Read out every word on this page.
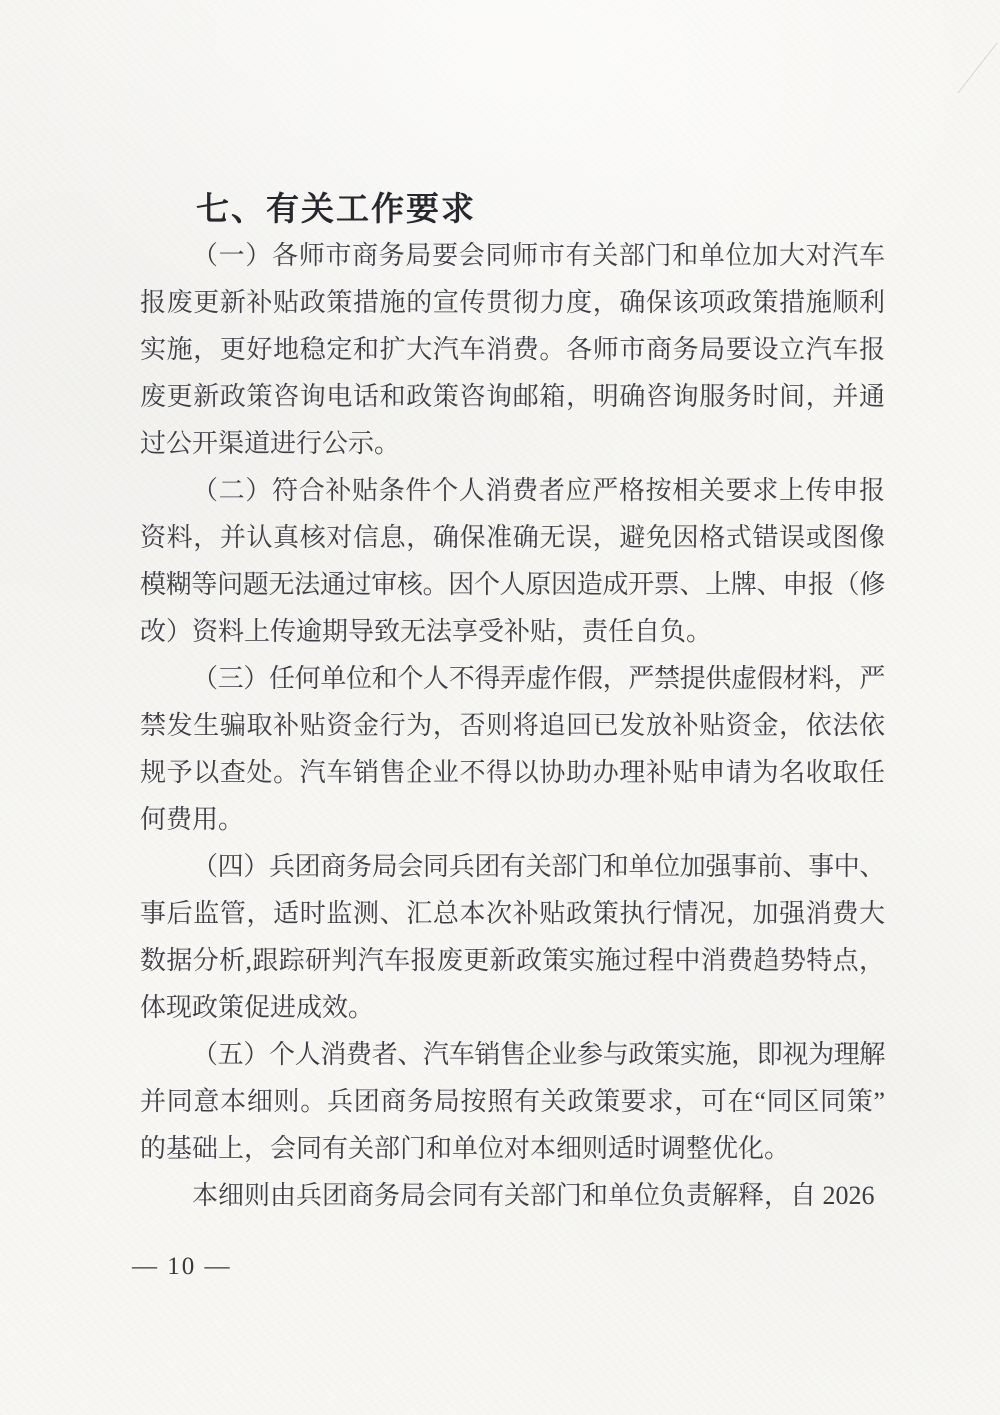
七、有关工作要求

（一）各师市商务局要会同师市有关部门和单位加大对汽车
报废更新补贴政策措施的宣传贯彻力度，确保该项政策措施顺利
实施，更好地稳定和扩大汽车消费。各师市商务局要设立汽车报
废更新政策咨询电话和政策咨询邮箱，明确咨询服务时间，并通
过公开渠道进行公示。

（二）符合补贴条件个人消费者应严格按相关要求上传申报
资料，并认真核对信息，确保准确无误，避免因格式错误或图像
模糊等问题无法通过审核。因个人原因造成开票、上牌、申报（修
改）资料上传逾期导致无法享受补贴，责任自负。

（三）任何单位和个人不得弄虚作假，严禁提供虚假材料，严
禁发生骗取补贴资金行为，否则将追回已发放补贴资金，依法依
规予以查处。汽车销售企业不得以协助办理补贴申请为名收取任
何费用。

（四）兵团商务局会同兵团有关部门和单位加强事前、事中、
事后监管，适时监测、汇总本次补贴政策执行情况，加强消费大
数据分析,跟踪研判汽车报废更新政策实施过程中消费趋势特点，
体现政策促进成效。

（五）个人消费者、汽车销售企业参与政策实施，即视为理解
并同意本细则。兵团商务局按照有关政策要求，可在“同区同策”
的基础上，会同有关部门和单位对本细则适时调整优化。

本细则由兵团商务局会同有关部门和单位负责解释，自 2026

— 10 —
